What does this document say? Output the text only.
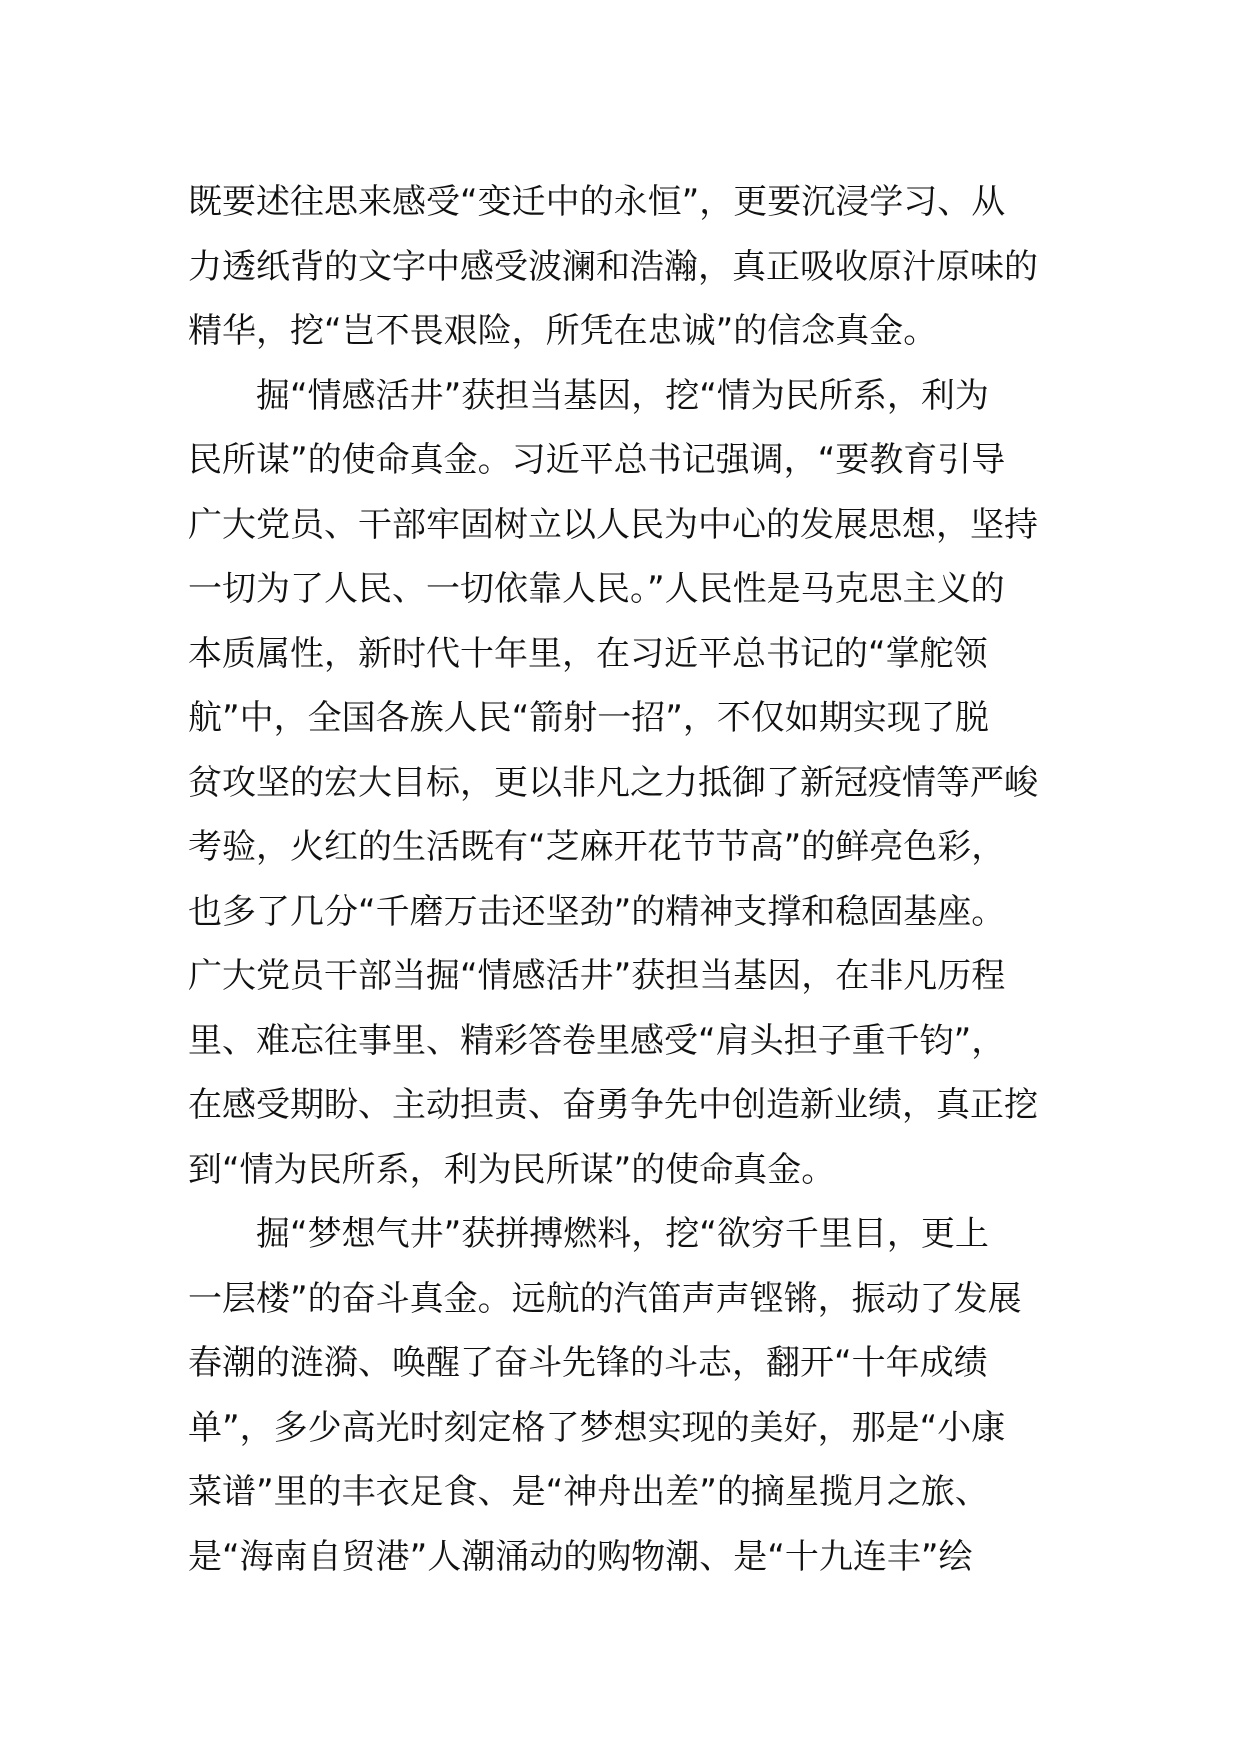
既要述往思来感受“变迁中的永恒”，更要沉浸学习、从
力透纸背的文字中感受波澜和浩瀚，真正吸收原汁原味的
精华，挖“岂不畏艰险，所凭在忠诚”的信念真金。
掘“情感活井”获担当基因，挖“情为民所系，利为
民所谋”的使命真金。习近平总书记强调，“要教育引导
广大党员、干部牢固树立以人民为中心的发展思想，坚持
一切为了人民、一切依靠人民。”人民性是马克思主义的
本质属性，新时代十年里，在习近平总书记的“掌舵领
航”中，全国各族人民“箭射一招”，不仅如期实现了脱
贫攻坚的宏大目标，更以非凡之力抵御了新冠疫情等严峻
考验，火红的生活既有“芝麻开花节节高”的鲜亮色彩，
也多了几分“千磨万击还坚劲”的精神支撑和稳固基座。
广大党员干部当掘“情感活井”获担当基因，在非凡历程
里、难忘往事里、精彩答卷里感受“肩头担子重千钧”，
在感受期盼、主动担责、奋勇争先中创造新业绩，真正挖
到“情为民所系，利为民所谋”的使命真金。
掘“梦想气井”获拼搏燃料，挖“欲穷千里目，更上
一层楼”的奋斗真金。远航的汽笛声声铿锵，振动了发展
春潮的涟漪、唤醒了奋斗先锋的斗志，翻开“十年成绩
单”，多少高光时刻定格了梦想实现的美好，那是“小康
菜谱”里的丰衣足食、是“神舟出差”的摘星揽月之旅、
是“海南自贸港”人潮涌动的购物潮、是“十九连丰”绘
